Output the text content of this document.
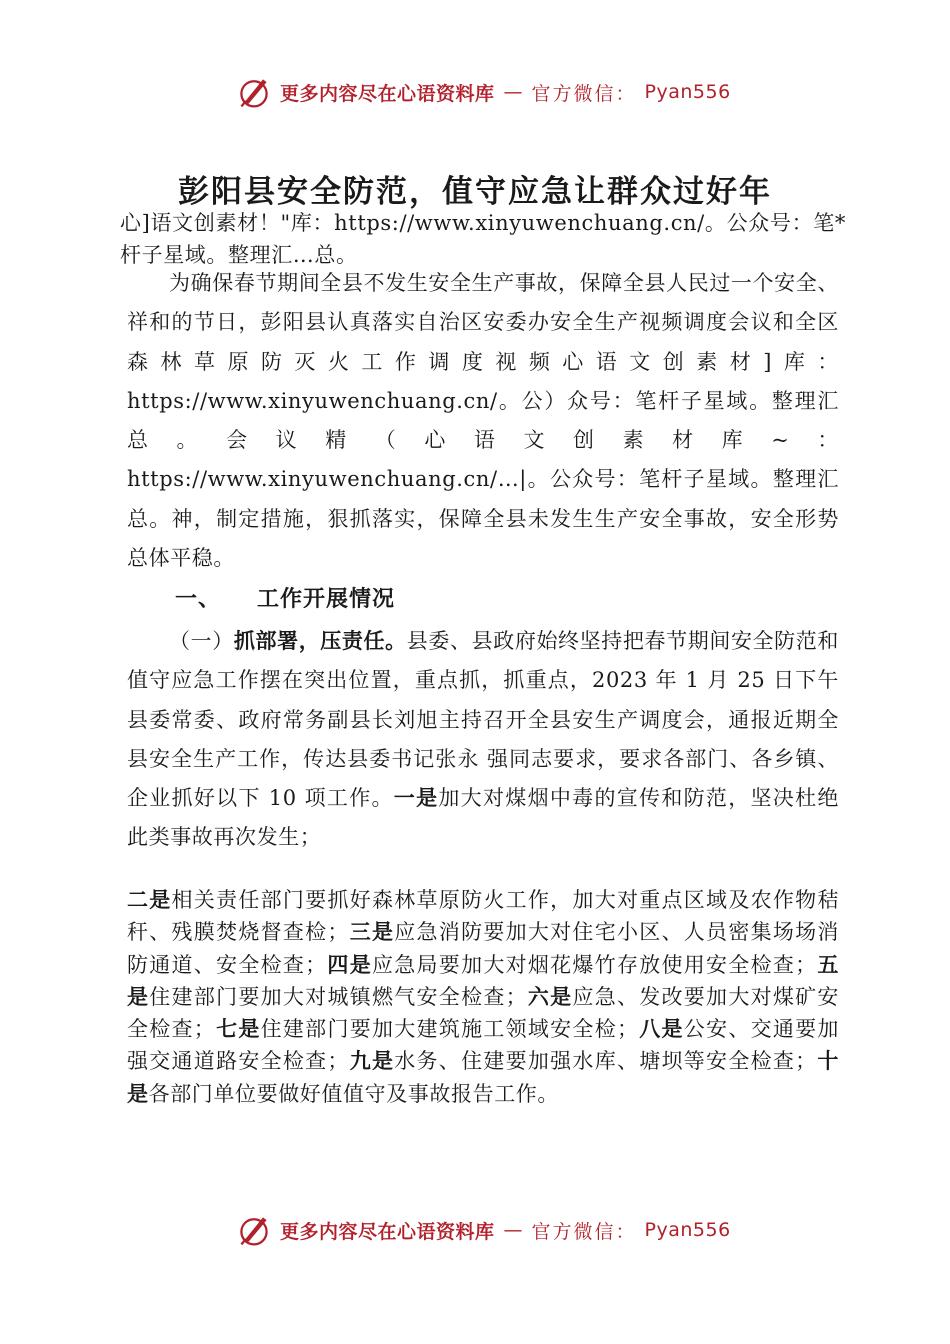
更多内容尽在心语资料库 — 官方微信： Pyan556
彭阳县安全防范，值守应急让群众过好年

心]语文创素材！"库：https://www.xinyuwenchuang.cn/。公众号：笔*杆子星域。整理汇…总。

为确保春节期间全县不发生安全生产事故，保障全县人民过一个安全、祥和的节日，彭阳县认真落实自治区安委办安全生产视频调度会议和全区森林草原防灭火工作调度视频心语文创素材]库：https://www.xinyuwenchuang.cn/。公）众号：笔杆子星域。整理汇总。会议精（心语文创素材库~：https://www.xinyuwenchuang.cn/…|。公众号：笔杆子星域。整理汇总。神，制定措施，狠抓落实，保障全县未发生生产安全事故，安全形势总体平稳。

一、 工作开展情况

（一）抓部署，压责任。县委、县政府始终坚持把春节期间安全防范和值守应急工作摆在突出位置，重点抓，抓重点，2023 年 1 月 25 日下午县委常委、政府常务副县长刘旭主持召开全县安生产调度会，通报近期全县安全生产工作，传达县委书记张永 强同志要求，要求各部门、各乡镇、企业抓好以下 10 项工作。一是加大对煤烟中毒的宣传和防范，坚决杜绝此类事故再次发生；

二是相关责任部门要抓好森林草原防火工作，加大对重点区域及农作物秸秆、残膜焚烧督查检；三是应急消防要加大对住宅小区、人员密集场场消防通道、安全检查；四是应急局要加大对烟花爆竹存放使用安全检查；五是住建部门要加大对城镇燃气安全检查；六是应急、发改要加大对煤矿安全检查；七是住建部门要加大建筑施工领域安全检；八是公安、交通要加强交通道路安全检查；九是水务、住建要加强水库、塘坝等安全检查；十是各部门单位要做好值值守及事故报告工作。

更多内容尽在心语资料库 — 官方微信： Pyan556
